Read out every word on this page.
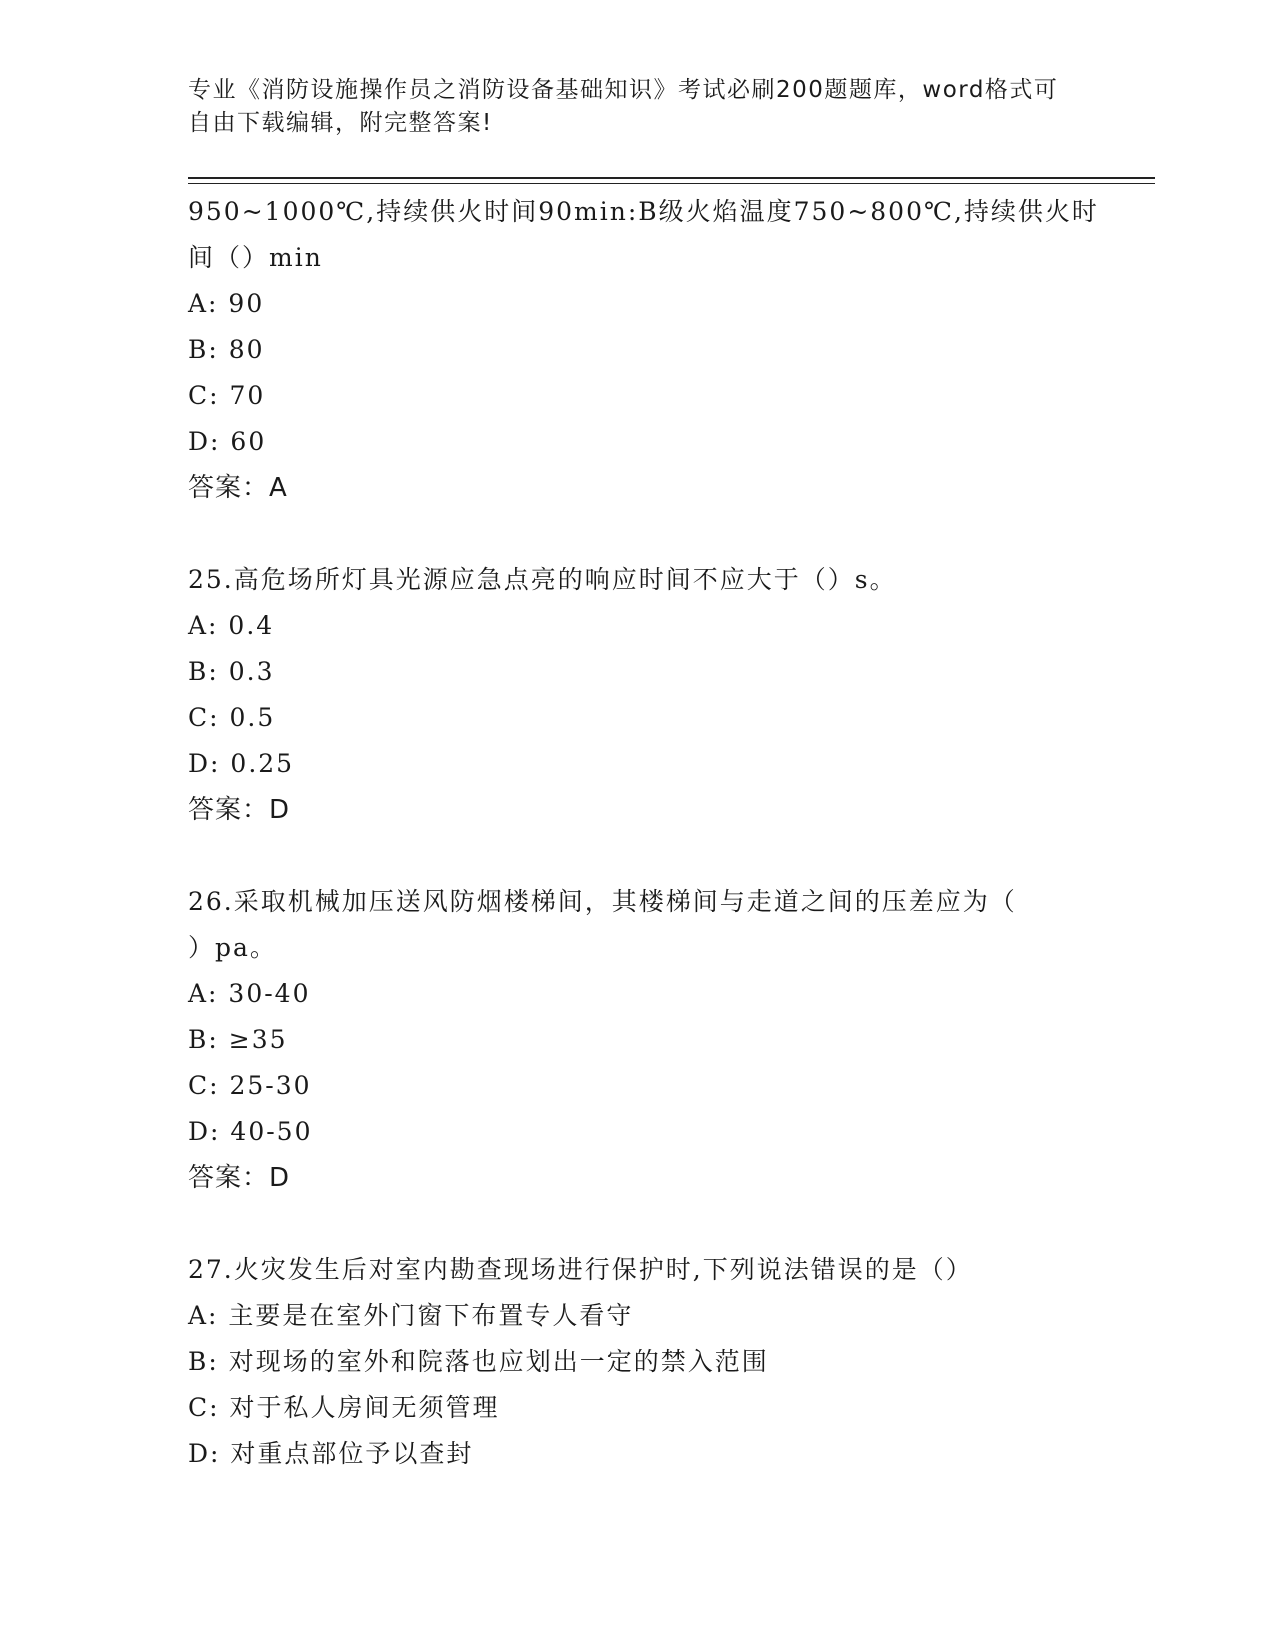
专业《消防设施操作员之消防设备基础知识》考试必刷200题题库，word格式可
自由下载编辑，附完整答案!
950~1000℃,持续供火时间90min:B级火焰温度750~800℃,持续供火时
间（）min
A: 90
B: 80
C: 70
D: 60
答案：A
25.高危场所灯具光源应急点亮的响应时间不应大于（）s。
A: 0.4
B: 0.3
C: 0.5
D: 0.25
答案：D
26.采取机械加压送风防烟楼梯间，其楼梯间与走道之间的压差应为（
）pa。
A: 30-40
B: ≥35
C: 25-30
D: 40-50
答案：D
27.火灾发生后对室内勘查现场进行保护时,下列说法错误的是（）
A: 主要是在室外门窗下布置专人看守
B: 对现场的室外和院落也应划出一定的禁入范围
C: 对于私人房间无须管理
D: 对重点部位予以查封
